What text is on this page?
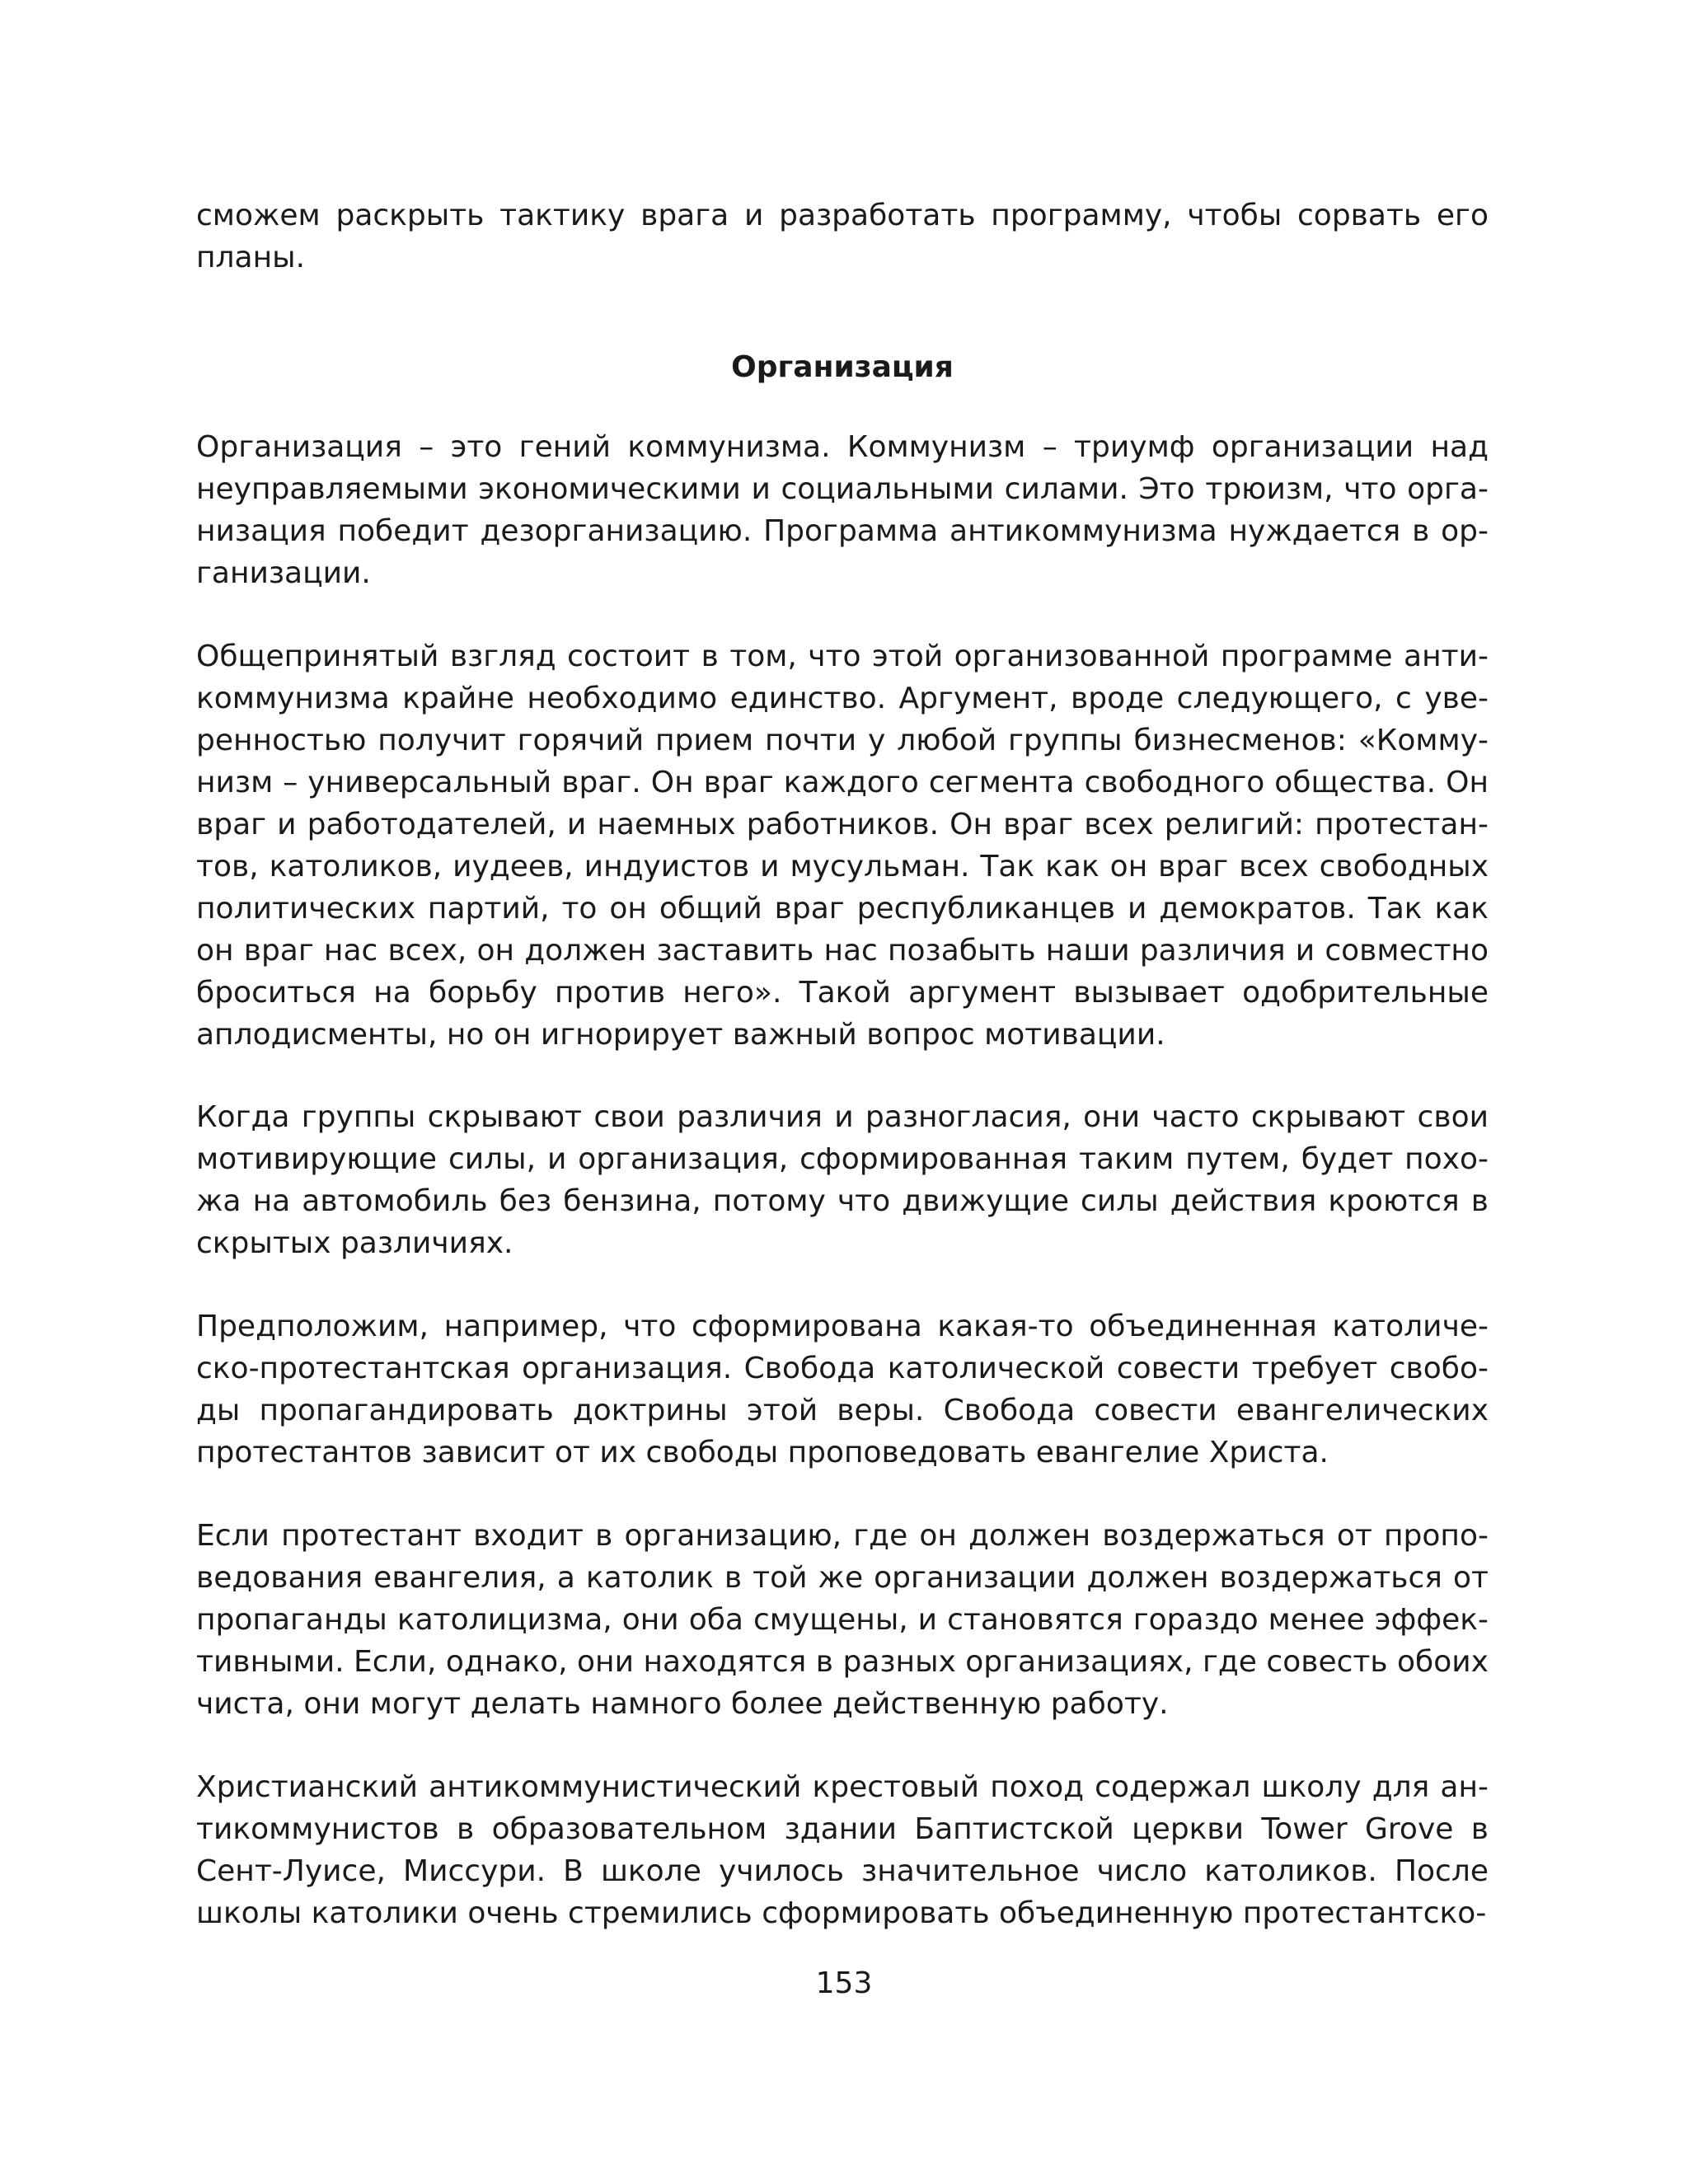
сможем раскрыть тактику врага и разработать программу, чтобы сорвать его планы.

Организация

Организация – это гений коммунизма. Коммунизм – триумф организации над неуправляемыми экономическими и социальными силами. Это трюизм, что организация победит дезорганизацию. Программа антикоммунизма нуждается в организации.

Общепринятый взгляд состоит в том, что этой организованной программе антикоммунизма крайне необходимо единство. Аргумент, вроде следующего, с уверенностью получит горячий прием почти у любой группы бизнесменов: «Коммунизм – универсальный враг. Он враг каждого сегмента свободного общества. Он враг и работодателей, и наемных работников. Он враг всех религий: протестантов, католиков, иудеев, индуистов и мусульман. Так как он враг всех свободных политических партий, то он общий враг республиканцев и демократов. Так как он враг нас всех, он должен заставить нас позабыть наши различия и совместно броситься на борьбу против него». Такой аргумент вызывает одобрительные аплодисменты, но он игнорирует важный вопрос мотивации.

Когда группы скрывают свои различия и разногласия, они часто скрывают свои мотивирующие силы, и организация, сформированная таким путем, будет похожа на автомобиль без бензина, потому что движущие силы действия кроются в скрытых различиях.

Предположим, например, что сформирована какая-то объединенная католическо-протестантская организация. Свобода католической совести требует свободы пропагандировать доктрины этой веры. Свобода совести евангелических протестантов зависит от их свободы проповедовать евангелие Христа.

Если протестант входит в организацию, где он должен воздержаться от проповедования евангелия, а католик в той же организации должен воздержаться от пропаганды католицизма, они оба смущены, и становятся гораздо менее эффективными. Если, однако, они находятся в разных организациях, где совесть обоих чиста, они могут делать намного более действенную работу.

Христианский антикоммунистический крестовый поход содержал школу для антикоммунистов в образовательном здании Баптистской церкви Tower Grove в Сент-Луисе, Миссури. В школе училось значительное число католиков. После школы католики очень стремились сформировать объединенную протестантско-

153
